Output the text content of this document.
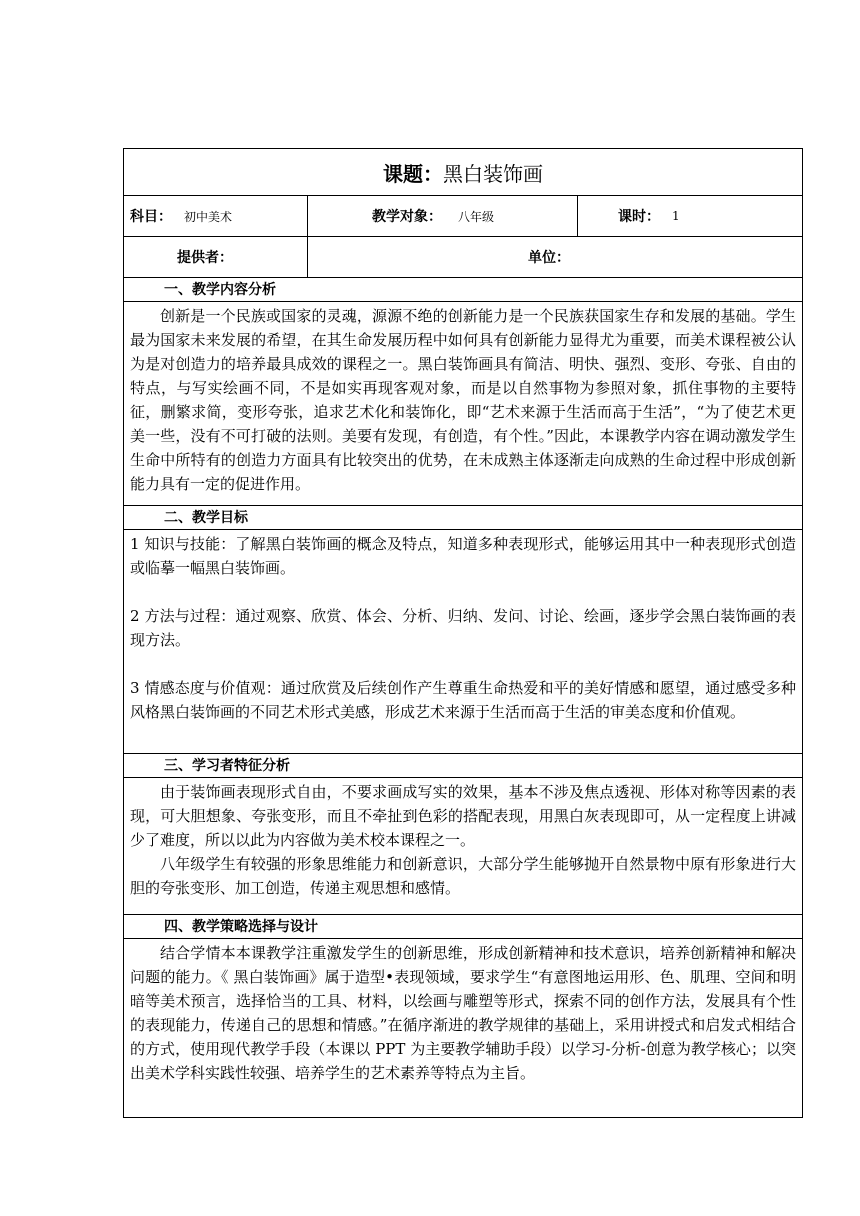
课题： 黑白装饰画
科目： 初中美术	教学对象： 八年级	课时： 1
提供者：	单位：
一、教学内容分析

创新是一个民族或国家的灵魂，源源不绝的创新能力是一个民族获国家生存和发展的基础。学生最为国家未来发展的希望，在其生命发展历程中如何具有创新能力显得尤为重要，而美术课程被公认为是对创造力的培养最具成效的课程之一。黑白装饰画具有简洁、明快、强烈、变形、夸张、自由的特点，与写实绘画不同，不是如实再现客观对象，而是以自然事物为参照对象，抓住事物的主要特征，删繁求简，变形夸张，追求艺术化和装饰化，即“艺术来源于生活而高于生活”，“为了使艺术更美一些，没有不可打破的法则。美要有发现，有创造，有个性。”因此，本课教学内容在调动激发学生生命中所特有的创造力方面具有比较突出的优势，在未成熟主体逐渐走向成熟的生命过程中形成创新能力具有一定的促进作用。

二、教学目标

1 知识与技能：了解黑白装饰画的概念及特点，知道多种表现形式，能够运用其中一种表现形式创造或临摹一幅黑白装饰画。

2 方法与过程：通过观察、欣赏、体会、分析、归纳、发问、讨论、绘画，逐步学会黑白装饰画的表现方法。

3 情感态度与价值观：通过欣赏及后续创作产生尊重生命热爱和平的美好情感和愿望，通过感受多种风格黑白装饰画的不同艺术形式美感，形成艺术来源于生活而高于生活的审美态度和价值观。

三、学习者特征分析

由于装饰画表现形式自由，不要求画成写实的效果，基本不涉及焦点透视、形体对称等因素的表现，可大胆想象、夸张变形，而且不牵扯到色彩的搭配表现，用黑白灰表现即可，从一定程度上讲减少了难度，所以以此为内容做为美术校本课程之一。

八年级学生有较强的形象思维能力和创新意识，大部分学生能够抛开自然景物中原有形象进行大胆的夸张变形、加工创造，传递主观思想和感情。

四、教学策略选择与设计

结合学情本本课教学注重激发学生的创新思维，形成创新精神和技术意识，培养创新精神和解决问题的能力。《 黑白装饰画》属于造型•表现领域，要求学生“有意图地运用形、色、肌理、空间和明暗等美术预言，选择恰当的工具、材料，以绘画与雕塑等形式，探索不同的创作方法，发展具有个性的表现能力，传递自己的思想和情感。”在循序渐进的教学规律的基础上，采用讲授式和启发式相结合的方式，使用现代教学手段（本课以 PPT 为主要教学辅助手段）以学习-分析-创意为教学核心；以突出美术学科实践性较强、培养学生的艺术素养等特点为主旨。
